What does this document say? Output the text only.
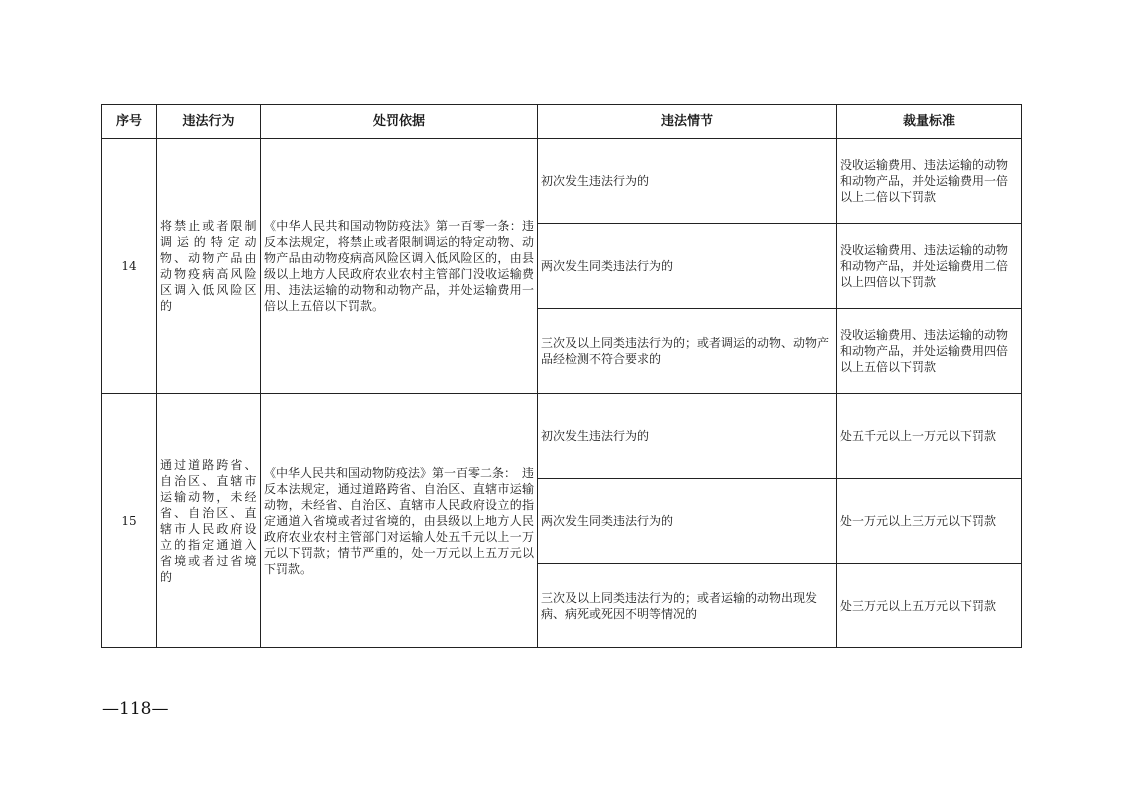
序号	违法行为	处罚依据	违法情节	裁量标准
14	将禁止或者限制调运的特定动物、动物产品由动物疫病高风险区调入低风险区的	《中华人民共和国动物防疫法》第一百零一条：违反本法规定，将禁止或者限制调运的特定动物、动物产品由动物疫病高风险区调入低风险区的，由县级以上地方人民政府农业农村主管部门没收运输费用、违法运输的动物和动物产品，并处运输费用一倍以上五倍以下罚款。	初次发生违法行为的	没收运输费用、违法运输的动物和动物产品，并处运输费用一倍以上二倍以下罚款
			两次发生同类违法行为的	没收运输费用、违法运输的动物和动物产品，并处运输费用二倍以上四倍以下罚款
			三次及以上同类违法行为的；或者调运的动物、动物产品经检测不符合要求的	没收运输费用、违法运输的动物和动物产品，并处运输费用四倍以上五倍以下罚款
15	通过道路跨省、自治区、直辖市运输动物，未经省、自治区、直辖市人民政府设立的指定通道入省境或者过省境的	《中华人民共和国动物防疫法》第一百零二条：　违反本法规定，通过道路跨省、自治区、直辖市运输动物，未经省、自治区、直辖市人民政府设立的指定通道入省境或者过省境的，由县级以上地方人民政府农业农村主管部门对运输人处五千元以上一万元以下罚款；情节严重的，处一万元以上五万元以下罚款。	初次发生违法行为的	处五千元以上一万元以下罚款
			两次发生同类违法行为的	处一万元以上三万元以下罚款
			三次及以上同类违法行为的；或者运输的动物出现发病、病死或死因不明等情况的	处三万元以上五万元以下罚款
—118—
